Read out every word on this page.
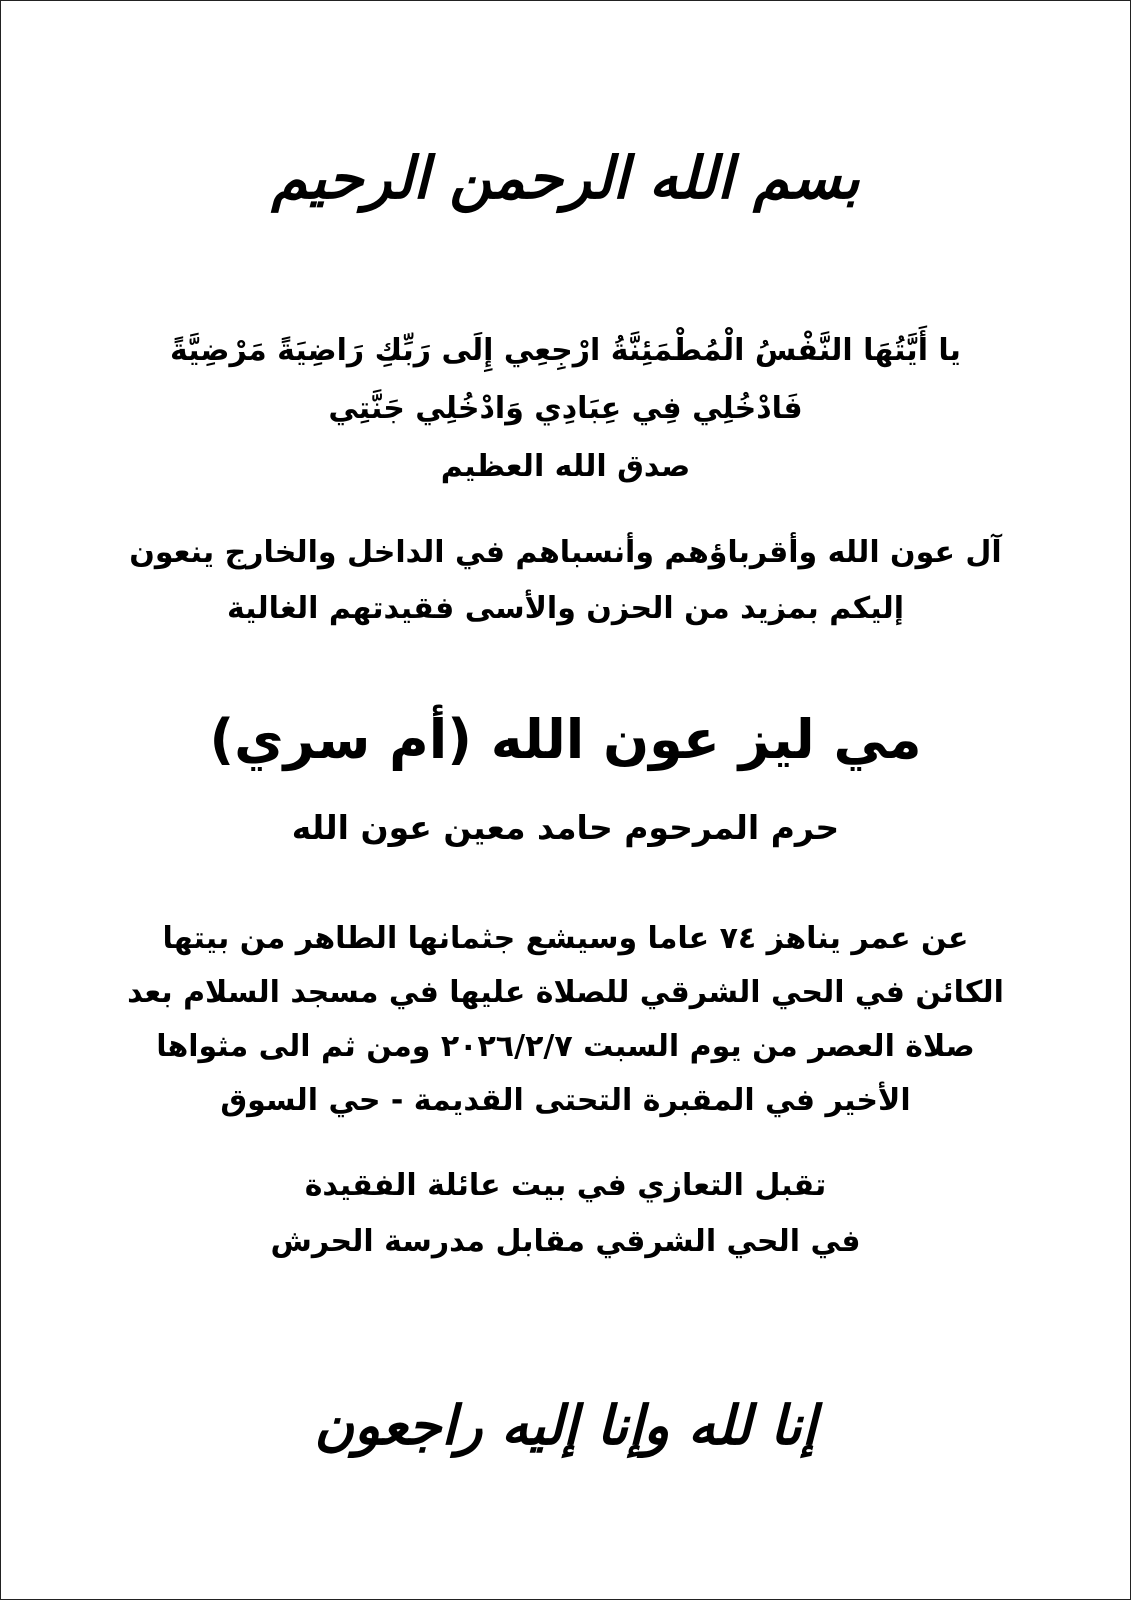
بسم الله الرحمن الرحيم
يا أَيَّتُهَا النَّفْسُ الْمُطْمَئِنَّةُ ارْجِعِي إِلَى رَبِّكِ رَاضِيَةً مَرْضِيَّةً
فَادْخُلِي فِي عِبَادِي وَادْخُلِي جَنَّتِي
صدق الله العظيم
آل عون الله وأقرباؤهم وأنسباهم في الداخل والخارج ينعون
إليكم بمزيد من الحزن والأسى فقيدتهم الغالية
مي ليز عون الله (أم سري)
حرم المرحوم حامد معين عون الله
عن عمر يناهز ٧٤ عاما وسيشع جثمانها الطاهر من بيتها
الكائن في الحي الشرقي للصلاة عليها في مسجد السلام بعد
صلاة العصر من يوم السبت ٢٠٢٦/٢/٧ ومن ثم الى مثواها
الأخير في المقبرة التحتى القديمة - حي السوق
تقبل التعازي في بيت عائلة الفقيدة
في الحي الشرقي مقابل مدرسة الحرش
إنا لله وإنا إليه راجعون
